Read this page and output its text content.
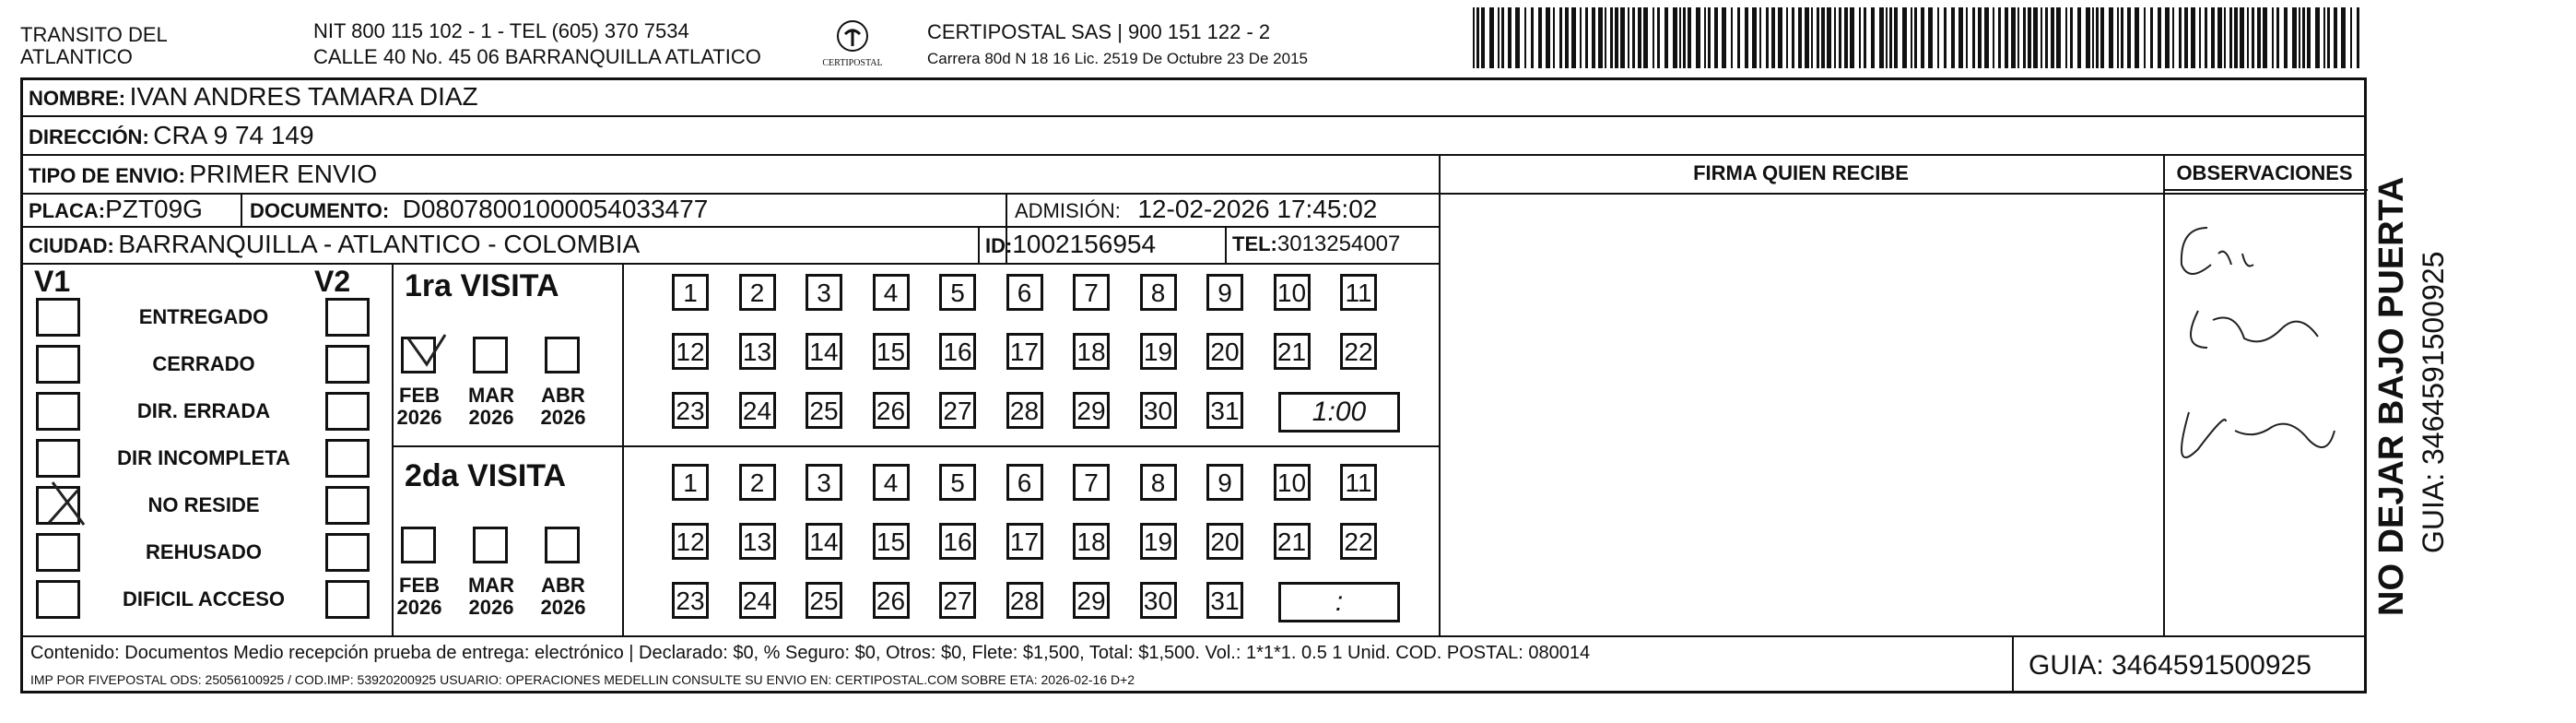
TRANSITO DEL
ATLANTICO
NIT 800 115 102 - 1 - TEL (605) 370 7534
CALLE 40 No. 45 06 BARRANQUILLA ATLATICO	CERTIPOSTAL
CERTIPOSTAL SAS | 900 151 122 - 2
Carrera 80d N 18 16 Lic. 2519 De Octubre 23 De 2015
NOMBRE: IVAN ANDRES TAMARA DIAZ
DIRECCIÓN: CRA 9 74 149
TIPO DE ENVIO: PRIMER ENVIO	FIRMA QUIEN RECIBE	OBSERVACIONES
PLACA:PZT09G DOCUMENTO: D0807800100005403​3477	ADMISIÓN: 12-02-2026 17:45:02
CIUDAD: BARRANQUILLA - ATLANTICO - COLOMBIA	ID:1002156954	TEL:3013254007
V1	V2
ENTREGADO
CERRADO
DIR. ERRADA
DIR INCOMPLETA
NO RESIDE
REHUSADO
DIFICIL ACCESO
1ra VISITA
2da VISITA
FEB
2026
MAR
2026
ABR
2026
FEB
2026
MAR
2026
ABR
2026
1	2	3	4	5	6	7	8	9	10 11
12 13 14 15 16 17 18 19 20 21 22
23 24 25 26 27 28 29 30 31	1:00
1	2	3	4	5	6	7	8	9	10 11
12 13 14 15 16 17 18 19 20 21 22
23 24 25 26 27 28 29 30 31	:
Contenido: Documentos Medio recepción prueba de entrega: electrónico | Declarado: $0, % Seguro: $0, Otros: $0, Flete: $1,500, Total: $1,500. Vol.: 1*1*1. 0.5 1 Unid. COD. POSTAL: 080014
IMP POR FIVEPOSTAL ODS: 25056100925 / COD.IMP: 53920200925 USUARIO: OPERACIONES MEDELLIN CONSULTE SU ENVIO EN: CERTIPOSTAL.COM SOBRE ETA: 2026-02-16 D+2	GUIA: 3464591500925
NO DEJAR BAJO PUERTA GUIA: 3464591500925
